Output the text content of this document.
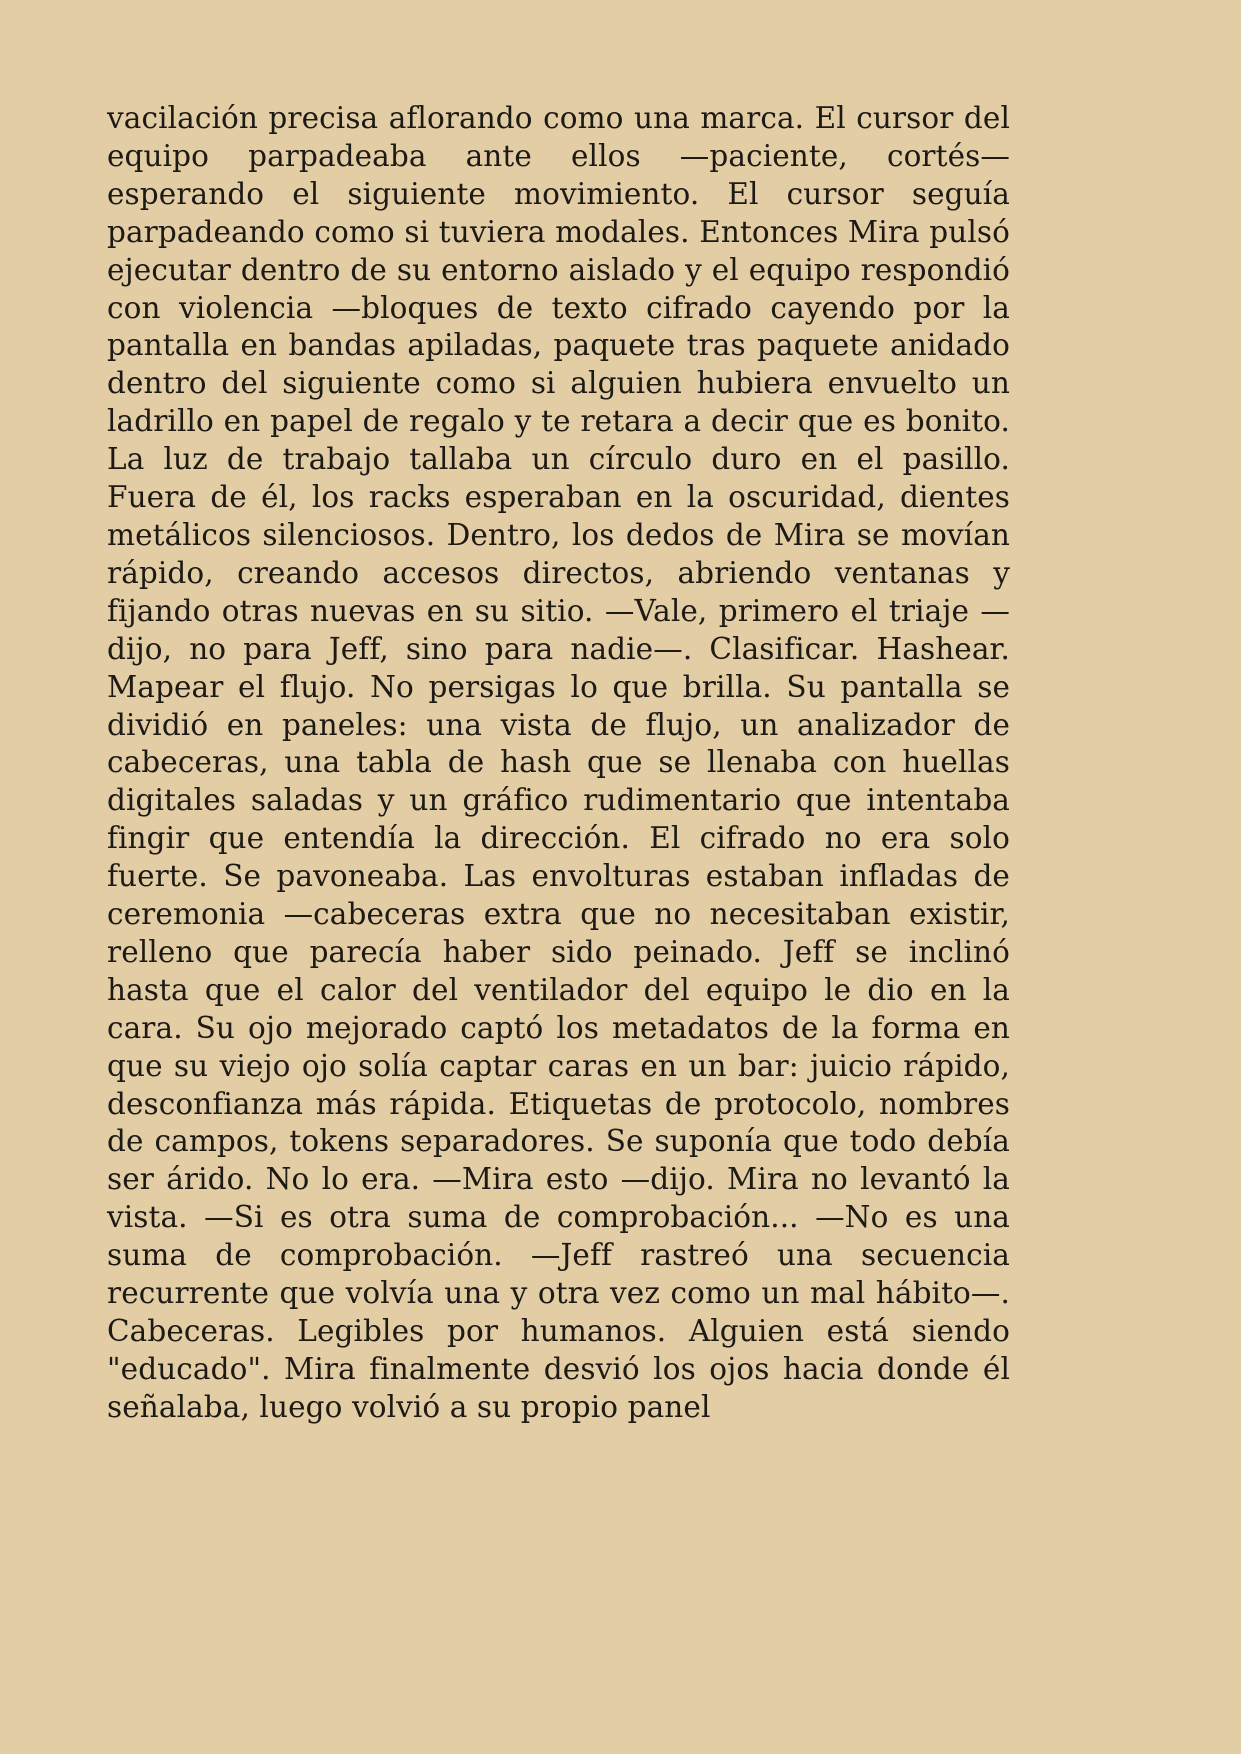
vacilación precisa aflorando como una marca. El cursor del equipo parpadeaba ante ellos —paciente, cortés— esperando el siguiente movimiento. El cursor seguía parpadeando como si tuviera modales. Entonces Mira pulsó ejecutar dentro de su entorno aislado y el equipo respondió con violencia —bloques de texto cifrado cayendo por la pantalla en bandas apiladas, paquete tras paquete anidado dentro del siguiente como si alguien hubiera envuelto un ladrillo en papel de regalo y te retara a decir que es bonito. La luz de trabajo tallaba un círculo duro en el pasillo. Fuera de él, los racks esperaban en la oscuridad, dientes metálicos silenciosos. Dentro, los dedos de Mira se movían rápido, creando accesos directos, abriendo ventanas y fijando otras nuevas en su sitio. —Vale, primero el triaje —dijo, no para Jeff, sino para nadie—. Clasificar. Hashear. Mapear el flujo. No persigas lo que brilla. Su pantalla se dividió en paneles: una vista de flujo, un analizador de cabeceras, una tabla de hash que se llenaba con huellas digitales saladas y un gráfico rudimentario que intentaba fingir que entendía la dirección. El cifrado no era solo fuerte. Se pavoneaba. Las envolturas estaban infladas de ceremonia —cabeceras extra que no necesitaban existir, relleno que parecía haber sido peinado. Jeff se inclinó hasta que el calor del ventilador del equipo le dio en la cara. Su ojo mejorado captó los metadatos de la forma en que su viejo ojo solía captar caras en un bar: juicio rápido, desconfianza más rápida. Etiquetas de protocolo, nombres de campos, tokens separadores. Se suponía que todo debía ser árido. No lo era. —Mira esto —dijo. Mira no levantó la vista. —Si es otra suma de comprobación... —No es una suma de comprobación. —Jeff rastreó una secuencia recurrente que volvía una y otra vez como un mal hábito—. Cabeceras. Legibles por humanos. Alguien está siendo "educado". Mira finalmente desvió los ojos hacia donde él señalaba, luego volvió a su propio panel
